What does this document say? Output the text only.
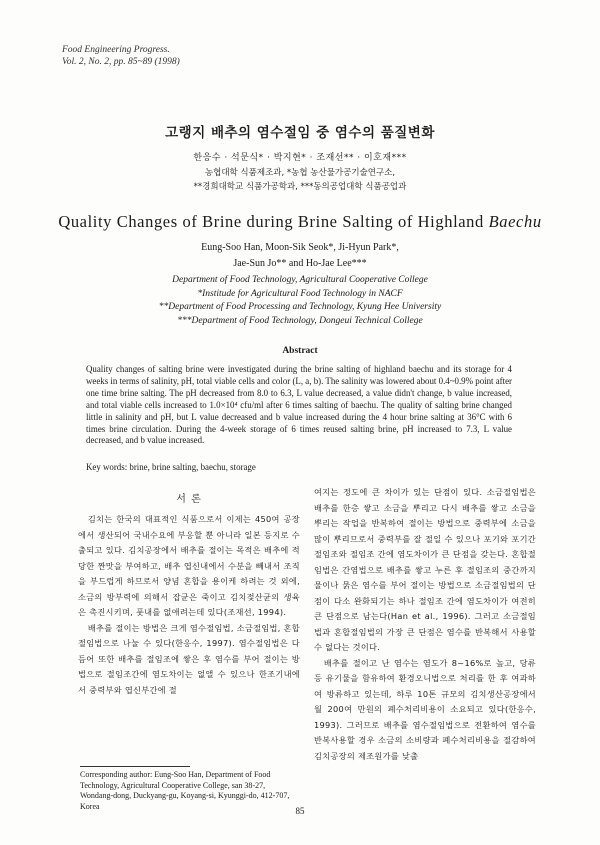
Food Engineering Progress.
Vol. 2, No. 2, pp. 85~89 (1998)
고랭지 배추의 염수절임 중 염수의 품질변화
한응수 · 석문식* · 박지현* · 조재선** · 이호재***
농협대학 식품제조과, *농협 농산물가공기술연구소,
**경희대학교 식품가공학과, ***동의공업대학 식품공업과
Quality Changes of Brine during Brine Salting of Highland Baechu
Eung-Soo Han, Moon-Sik Seok*, Ji-Hyun Park*,
Jae-Sun Jo** and Ho-Jae Lee***
Department of Food Technology, Agricultural Cooperative College
*Institude for Agricultural Food Technology in NACF
**Department of Food Processing and Technology, Kyung Hee University
***Department of Food Technology, Dongeui Technical College
Abstract
Quality changes of salting brine were investigated during the brine salting of highland baechu and its storage for 4 weeks in terms of salinity, pH, total viable cells and color (L, a, b). The salinity was lowered about 0.4~0.9% point after one time brine salting. The pH decreased from 8.0 to 6.3, L value decreased, a value didn't change, b value increased, and total viable cells increased to 1.0×10⁴ cfu/ml after 6 times salting of baechu. The quality of salting brine changed little in salinity and pH, but L value decreased and b value increased during the 4 hour brine salting at 36°C with 6 times brine circulation. During the 4-week storage of 6 times reused salting brine, pH increased to 7.3, L value decreased, and b value increased.
Key words: brine, brine salting, baechu, storage
서 론

김치는 한국의 대표적인 식품으로서 이제는 450여 공장에서 생산되어 국내수요에 부응할 뿐 아니라 일본 등지로 수출되고 있다. 김치공장에서 배추를 절이는 목적은 배추에 적당한 짠맛을 부여하고, 배추 엽신내에서 수분을 빼내서 조직을 부드럽게 하므로서 양념 혼합을 용이케 하려는 것 외에, 소금의 방부력에 의해서 잡균은 죽이고 김치젖산균의 생육은 촉진시키며, 풋내를 없애려는데 있다(조재선, 1994).

배추를 절이는 방법은 크게 염수절임법, 소금절임법, 혼합절임법으로 나눌 수 있다(한응수, 1997). 염수절임법은 다듬어 또한 배추를 절임조에 쌓은 후 염수를 부어 절이는 방법으로 절임조간에 염도차이는 없앨 수 있으나 한조기내에서 중력부와 엽신부간에 절

여지는 정도에 큰 차이가 있는 단점이 있다. 소금절임법은 배추를 한층 쌓고 소금을 뿌리고 다시 배추를 쌓고 소금을 뿌리는 작업을 반복하여 절이는 방법으로 중력부에 소금을 많이 뿌리므로서 중력부를 잘 절일 수 있으나 포기와 포기간 절임조와 절임조 간에 염도차이가 큰 단점을 갖는다. 혼합절임법은 간염법으로 배추를 쌓고 누른 후 절임조의 중간까지 물이나 묽은 염수를 부어 절이는 방법으로 소금절임법의 단점이 다소 완화되기는 하나 절임조 간에 염도차이가 여전히 큰 단점으로 남는다(Han et al., 1996). 그러고 소금절임법과 혼합절임법의 가장 큰 단점은 염수를 반복해서 사용할 수 없다는 것이다.

배추를 절이고 난 염수는 염도가 8~16%로 높고, 당류 등 유기물을 함유하여 환경오니법으로 처리를 한 후 여과하여 방류하고 있는데, 하루 10톤 규모의 김치생산공장에서 월 200여 만원의 폐수처리비용이 소요되고 있다(한응수, 1993). 그러므로 배추를 염수절임법으로 전환하여 염수를 반복사용할 경우 소금의 소비량과 폐수처리비용을 절감하여 김치공장의 제조원가를 낮출

Corresponding author: Eung-Soo Han, Department of Food Technology, Agricultural Cooperative College, san 38-27, Wondang-dong, Duckyang-gu, Koyang-si, Kyunggi-do, 412-707, Korea	85
